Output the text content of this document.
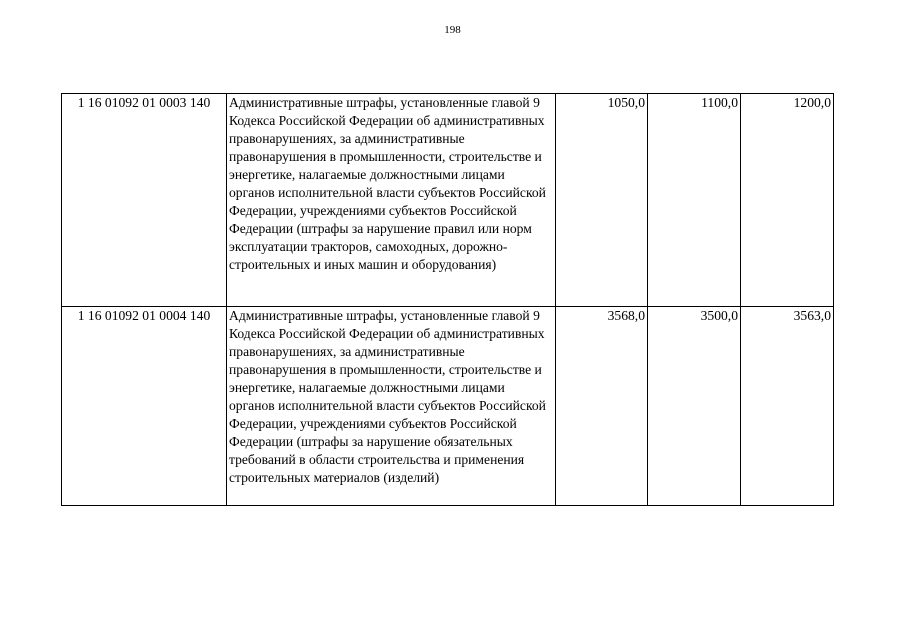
198
1 16 01092 01 0003 140	Административные штрафы, установленные главой 9 Кодекса Российской Федерации об административных правонарушениях, за административные правонарушения в промышленности, строительстве и энергетике, налагаемые должностными лицами органов исполнительной власти субъектов Российской Федерации, учреждениями субъектов Российской Федерации (штрафы за нарушение правил или норм эксплуатации тракторов, самоходных, дорожно-строительных и иных машин и оборудования)	1050,0	1100,0	1200,0
1 16 01092 01 0004 140	Административные штрафы, установленные главой 9 Кодекса Российской Федерации об административных правонарушениях, за административные правонарушения в промышленности, строительстве и энергетике, налагаемые должностными лицами органов исполнительной власти субъектов Российской Федерации, учреждениями субъектов Российской Федерации (штрафы за нарушение обязательных требований в области строительства и применения строительных материалов (изделий)	3568,0	3500,0	3563,0
